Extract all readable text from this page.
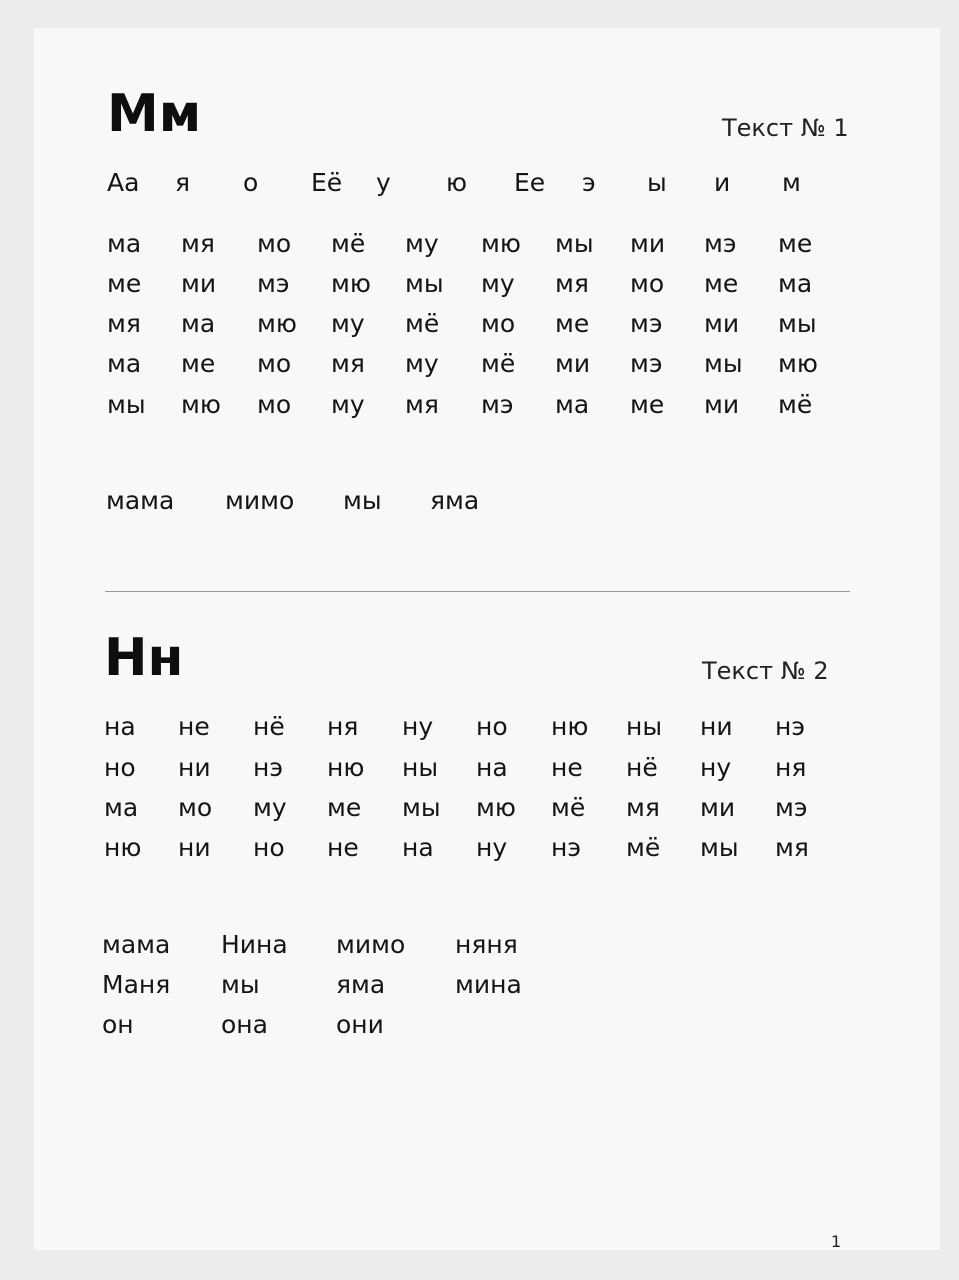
Мм	Текст № 1
Аа я о Её у ю Ее э ы и м
ма мя мо мё му мю мы ми мэ ме
ме ми мэ мю мы му мя мо ме ма
мя ма мю му мё мо ме мэ ми мы
ма ме мо мя му мё ми мэ мы мю
мы мю мо му мя мэ ма ме ми мё
мама мимо мы яма
Нн	Текст № 2
на не нё ня ну но ню ны ни нэ
но ни нэ ню ны на не нё ну ня
ма мо му ме мы мю мё мя ми мэ
ню ни но не на ну нэ мё мы мя
мама Нина мимо няня
Маня мы	яма	мина
он	она	они
1
